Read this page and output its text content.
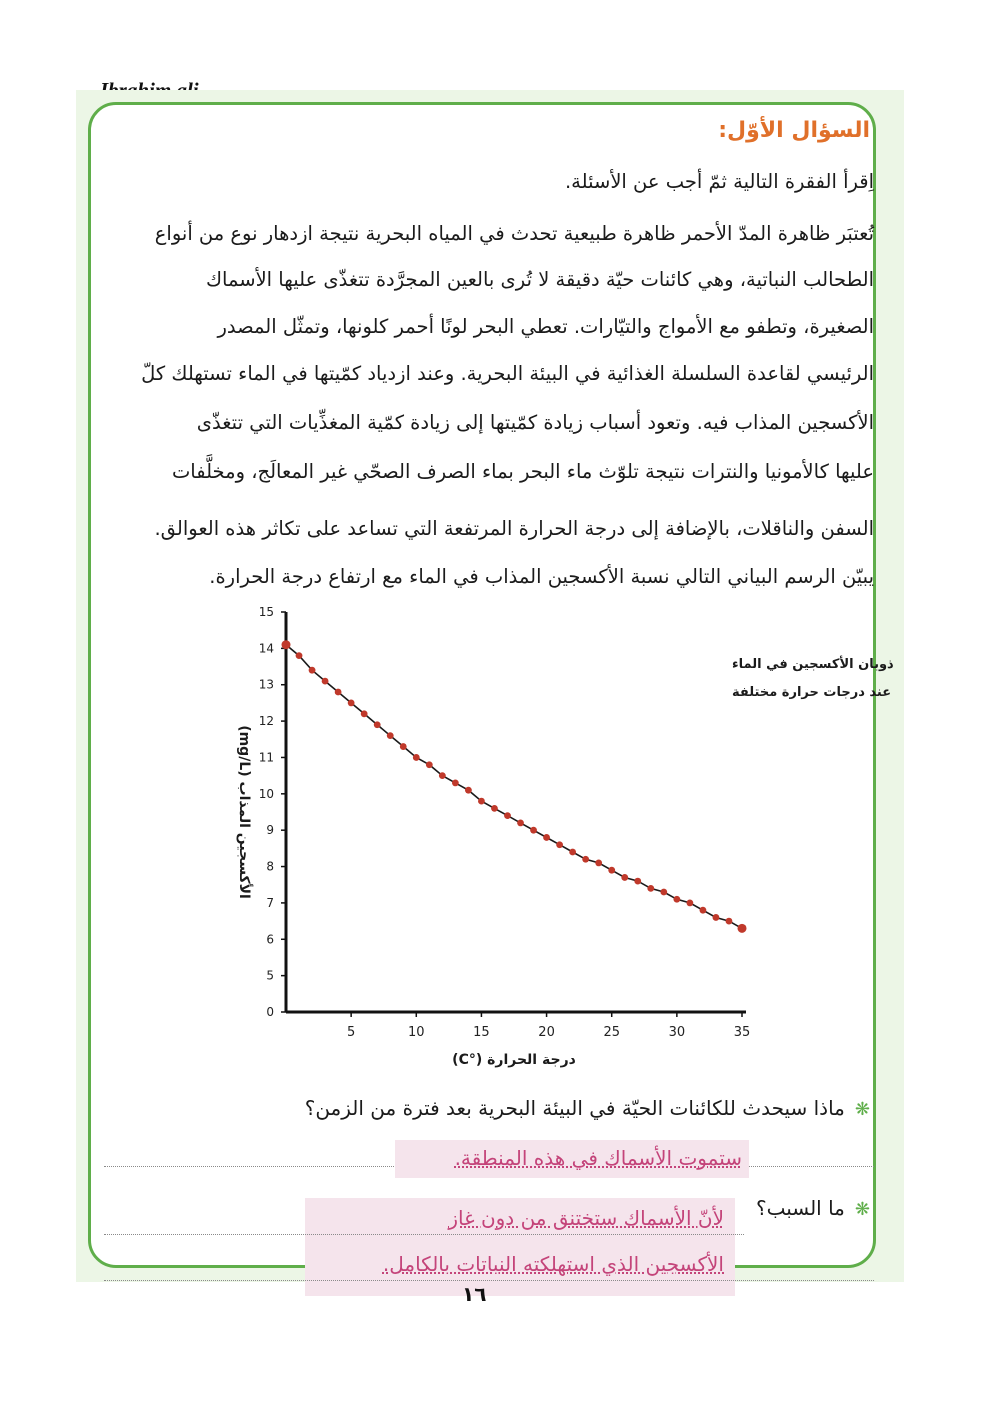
السؤال الأوّل:
اِقرأ الفقرة التالية ثمّ أجب عن الأسئلة.
تُعتبَر ظاهرة المدّ الأحمر ظاهرة طبيعية تحدث في المياه البحرية نتيجة ازدهار نوع من أنواع
الطحالب النباتية، وهي كائنات حيّة دقيقة لا تُرى بالعين المجرَّدة تتغذّى عليها الأسماك
الصغيرة، وتطفو مع الأمواج والتيّارات. تعطي البحر لونًا أحمر كلونها، وتمثّل المصدر
الرئيسي لقاعدة السلسلة الغذائية في البيئة البحرية. وعند ازدياد كمّيتها في الماء تستهلك كلّ
الأكسجين المذاب فيه. وتعود أسباب زيادة كمّيتها إلى زيادة كمّية المغذِّيات التي تتغذّى
عليها كالأمونيا والنترات نتيجة تلوّث ماء البحر بماء الصرف الصحّي غير المعالَج، ومخلَّفات
السفن والناقلات، بالإضافة إلى درجة الحرارة المرتفعة التي تساعد على تكاثر هذه العوالق.
يبيّن الرسم البياني التالي نسبة الأكسجين المذاب في الماء مع ارتفاع درجة الحرارة.
0
5
6
7
8
9
10
11
12
13
14
15
5	10	15	20	25	30	35
ذوبان الأكسجين في الماء
عند درجات حرارة مختلفة
درجة الحرارة (°C)
الأكسجين المذاب (mg/L)
❋ماذا سيحدث للكائنات الحيّة في البيئة البحرية بعد فترة من الزمن؟
ستموت الأسماك في هذه المنطقة.
❋ما السبب؟
لأنّ الأسماك ستختنق من دون غاز
الأكسجين الذي استهلكته النباتات بالكامل.
١٦
